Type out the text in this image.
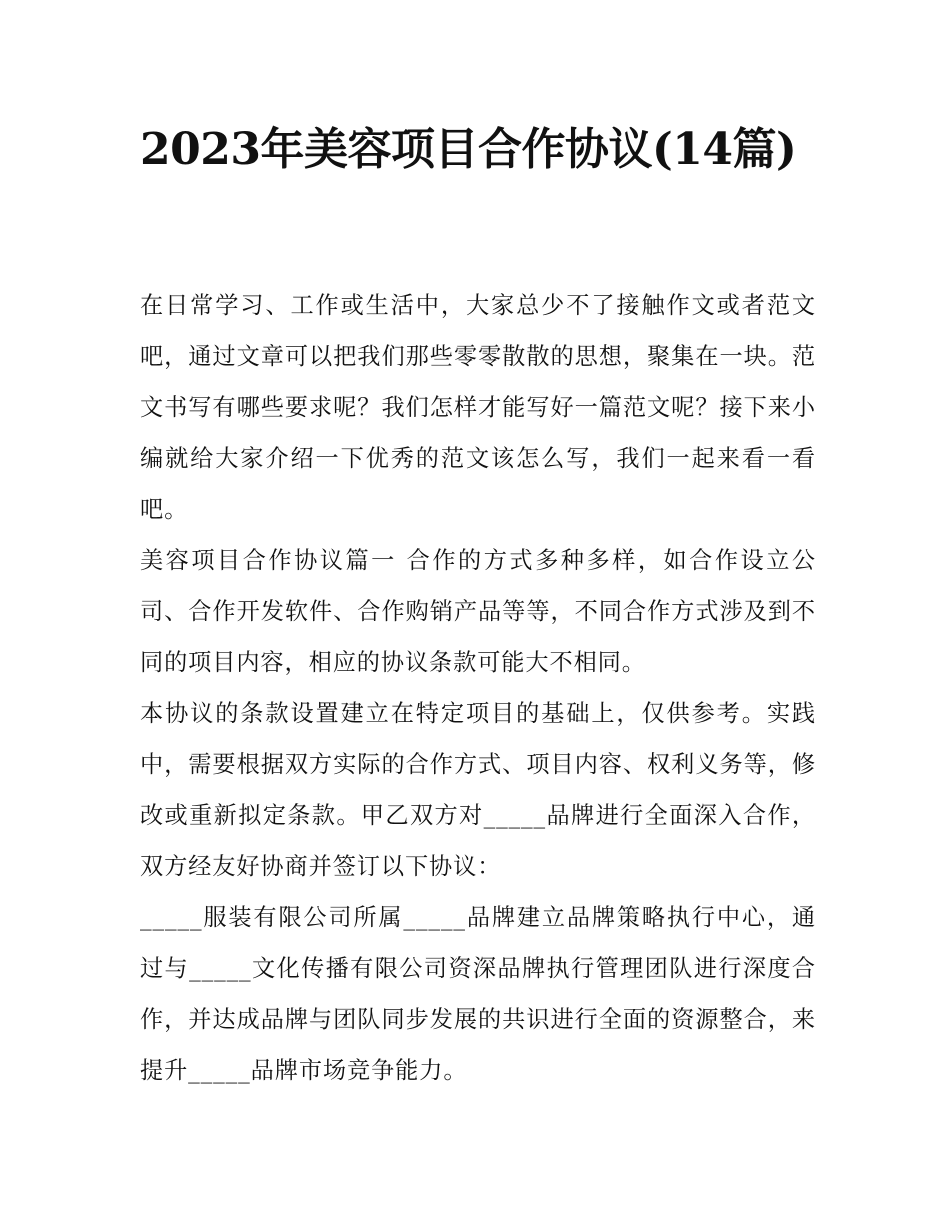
2023年美容项目合作协议(14篇)

在日常学习、工作或生活中，大家总少不了接触作文或者范文吧，通过文章可以把我们那些零零散散的思想，聚集在一块。范文书写有哪些要求呢？我们怎样才能写好一篇范文呢？接下来小编就给大家介绍一下优秀的范文该怎么写，我们一起来看一看吧。

美容项目合作协议篇一 合作的方式多种多样，如合作设立公司、合作开发软件、合作购销产品等等，不同合作方式涉及到不同的项目内容，相应的协议条款可能大不相同。

本协议的条款设置建立在特定项目的基础上，仅供参考。实践中，需要根据双方实际的合作方式、项目内容、权利义务等，修改或重新拟定条款。甲乙双方对_____品牌进行全面深入合作，双方经友好协商并签订以下协议：

_____服装有限公司所属_____品牌建立品牌策略执行中心，通过与_____文化传播有限公司资深品牌执行管理团队进行深度合作，并达成品牌与团队同步发展的共识进行全面的资源整合，来提升_____品牌市场竞争能力。
